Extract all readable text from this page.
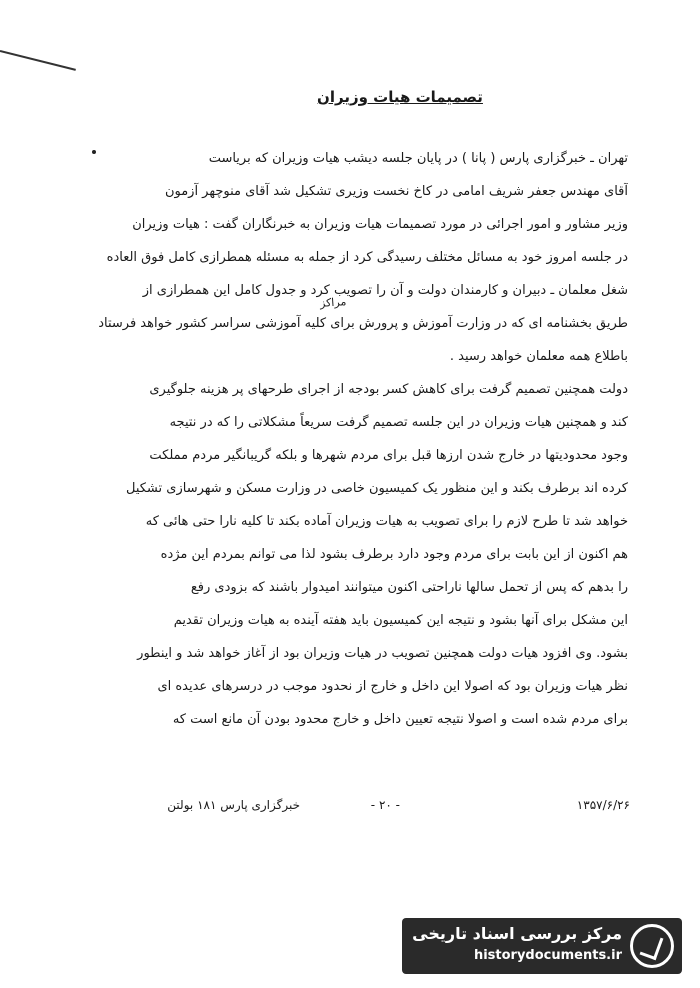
تصمیمات هیات وزیران
مراکز
تهران ـ خبرگزاری پارس ( پانا ) در پایان جلسه دیشب هیات وزیران که بریاست
آقای مهندس جعفر شریف امامی در کاخ نخست وزیری تشکیل شد آقای منوچهر آزمون
وزیر مشاور و امور اجرائی در مورد تصمیمات هیات وزیران به خبرنگاران گفت : هیات وزیران
در جلسه امروز خود به مسائل مختلف رسیدگی کرد از جمله به مسئله همطرازی کامل فوق العاده
شغل معلمان ـ دبیران و کارمندان دولت و آن را تصویب کرد و جدول کامل این همطرازی از
طریق بخشنامه ای که در وزارت آموزش و پرورش برای کلیه آموزشی سراسر کشور خواهد فرستاد
باطلاع همه معلمان خواهد رسید .
دولت همچنین تصمیم گرفت برای کاهش کسر بودجه از اجرای طرحهای پر هزینه جلوگیری
کند و همچنین هیات وزیران در این جلسه تصمیم گرفت سریعاً مشکلاتی را که در نتیجه
وجود محدودیتها در خارج شدن ارزها قبل برای مردم شهرها و بلکه گریبانگیر مردم مملکت
کرده اند برطرف بکند و این منظور یک کمیسیون خاصی در وزارت مسکن و شهرسازی تشکیل
خواهد شد تا طرح لازم را برای تصویب به هیات وزیران آماده بکند تا کلیه نارا حتی هائی که
هم اکنون از این بابت برای مردم وجود دارد برطرف بشود لذا می توانم بمردم این مژده
را بدهم که پس از تحمل سالها ناراحتی اکنون میتوانند امیدوار باشند که بزودی رفع
این مشکل برای آنها بشود و نتیجه این کمیسیون باید هفته آینده به هیات وزیران تقدیم
بشود. وی افزود هیات دولت همچنین تصویب در هیات وزیران بود از آغاز خواهد شد و اینطور
نظر هیات وزیران بود که اصولا این داخل و خارج از نحدود موجب در درسرهای عدیده ای
برای مردم شده است و اصولا نتیجه تعیین داخل و خارج محدود بودن آن مانع است که
۱۳۵۷/۶/۲۶
- ۲۰ -
خبرگزاری پارس ۱۸۱ بولتن
مرکز بررسی اسناد تاریخی
historydocuments.ir
